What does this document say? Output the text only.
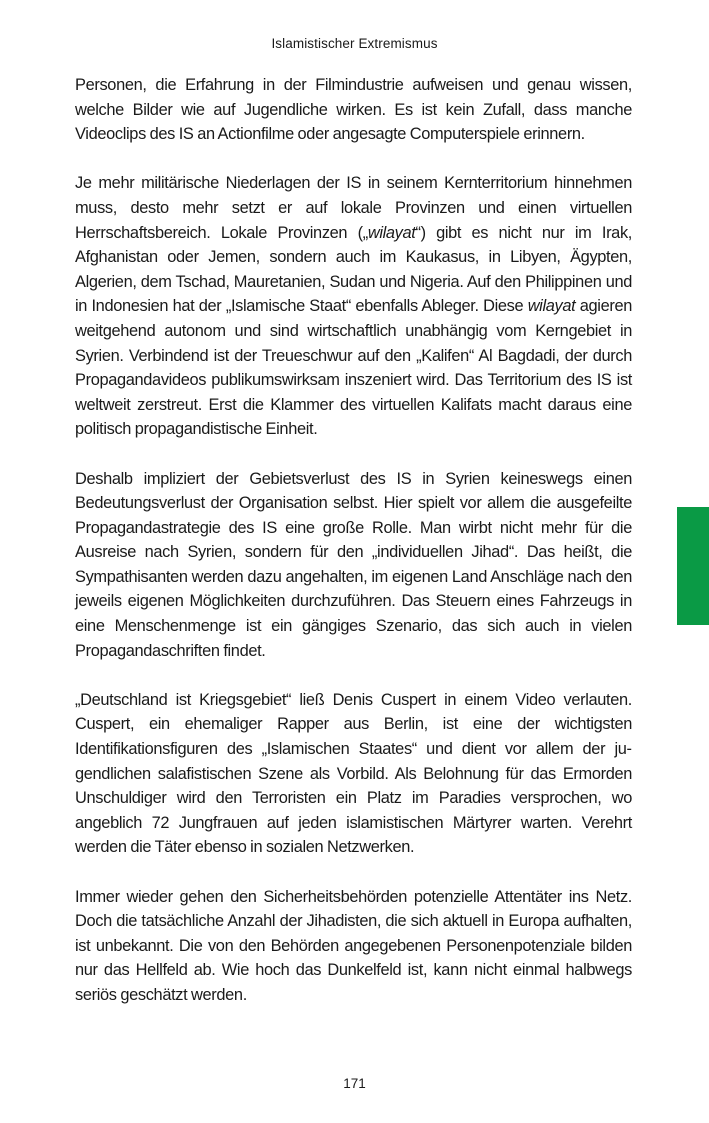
Islamistischer Extremismus

Personen, die Erfahrung in der Filmindustrie aufweisen und genau wissen, welche Bilder wie auf Jugendliche wirken. Es ist kein Zufall, dass manche Videoclips des IS an Actionfilme oder angesagte Computerspiele erinnern.

Je mehr militärische Niederlagen der IS in seinem Kernterritorium hinnehmen muss, desto mehr setzt er auf lokale Provinzen und einen virtuellen Herrschaftsbereich. Lokale Provinzen („wilayat“) gibt es nicht nur im Irak, Afghanistan oder Jemen, sondern auch im Kaukasus, in Libyen, Ägypten, Algerien, dem Tschad, Mauretanien, Sudan und Nigeria. Auf den Philippinen und in Indonesien hat der „Islamische Staat“ ebenfalls Ableger. Diese wilayat agieren weitgehend autonom und sind wirtschaftlich unabhängig vom Kerngebiet in Syrien. Verbindend ist der Treueschwur auf den „Kalifen“ Al Bagdadi, der durch Propagandavideos publikumswirksam inszeniert wird. Das Territorium des IS ist weltweit zerstreut. Erst die Klammer des virtuellen Kalifats macht daraus eine politisch propagandistische Einheit.

Deshalb impliziert der Gebietsverlust des IS in Syrien keineswegs einen Bedeutungsverlust der Organisation selbst. Hier spielt vor allem die ausgefeilte Propagandastrategie des IS eine große Rolle. Man wirbt nicht mehr für die Ausreise nach Syrien, sondern für den „individuellen Jihad“. Das heißt, die Sympathisanten werden dazu angehalten, im eigenen Land Anschläge nach den jeweils eigenen Möglichkeiten durchzuführen. Das Steuern eines Fahrzeugs in eine Menschenmenge ist ein gängiges Szenario, das sich auch in vielen Propagandaschriften findet.

„Deutschland ist Kriegsgebiet“ ließ Denis Cuspert in einem Video verlauten. Cuspert, ein ehemaliger Rapper aus Berlin, ist eine der wichtigsten Identifikationsfiguren des „Islamischen Staates“ und dient vor allem der jugendlichen salafistischen Szene als Vorbild. Als Belohnung für das Ermorden Unschuldiger wird den Terroristen ein Platz im Paradies versprochen, wo angeblich 72 Jungfrauen auf jeden islamistischen Märtyrer warten. Verehrt werden die Täter ebenso in sozialen Netzwerken.

Immer wieder gehen den Sicherheitsbehörden potenzielle Attentäter ins Netz. Doch die tatsächliche Anzahl der Jihadisten, die sich aktuell in Europa aufhalten, ist unbekannt. Die von den Behörden angegebenen Personenpotenziale bilden nur das Hellfeld ab. Wie hoch das Dunkelfeld ist, kann nicht einmal halbwegs seriös geschätzt werden.

171
